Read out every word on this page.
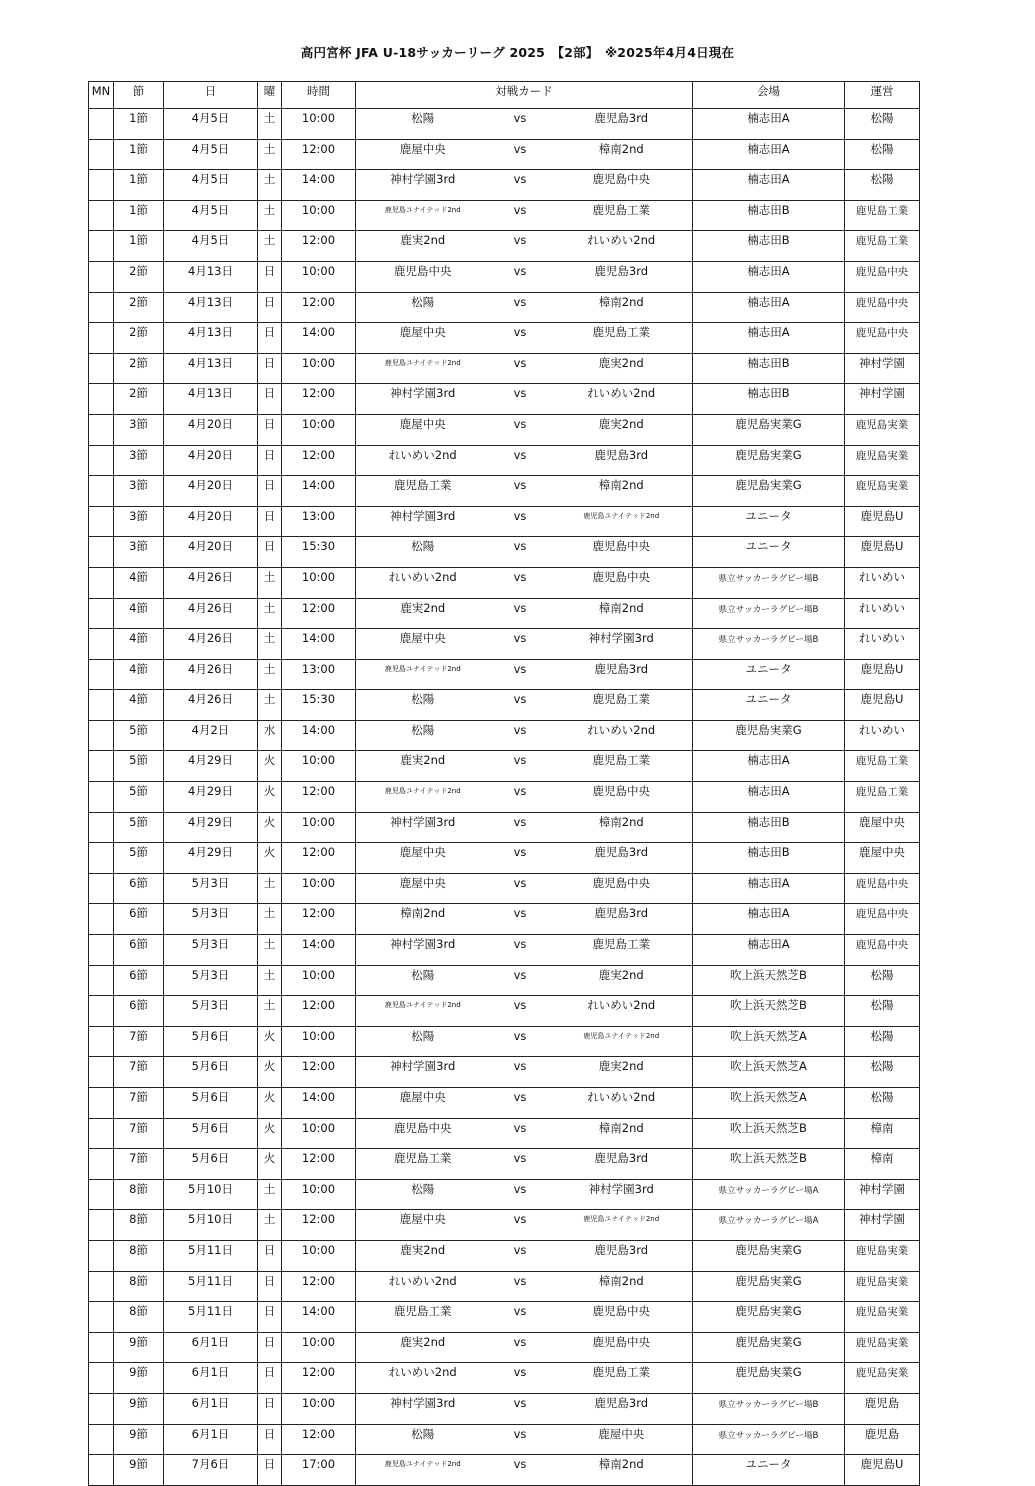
高円宮杯 JFA U-18サッカーリーグ 2025　【2部】　※2025年4月4日現在
MN	節	日	曜	時間	対戦カード			会場	運営
	1節	4月5日	土	10:00	松陽	vs	鹿児島3rd	楠志田A	松陽
	1節	4月5日	土	12:00	鹿屋中央	vs	樟南2nd	楠志田A	松陽
	1節	4月5日	土	14:00	神村学園3rd	vs	鹿児島中央	楠志田A	松陽
	1節	4月5日	土	10:00	鹿児島ユナイテッド2nd	vs	鹿児島工業	楠志田B	鹿児島工業
	1節	4月5日	土	12:00	鹿実2nd	vs	れいめい2nd	楠志田B	鹿児島工業
	2節	4月13日	日	10:00	鹿児島中央	vs	鹿児島3rd	楠志田A	鹿児島中央
	2節	4月13日	日	12:00	松陽	vs	樟南2nd	楠志田A	鹿児島中央
	2節	4月13日	日	14:00	鹿屋中央	vs	鹿児島工業	楠志田A	鹿児島中央
	2節	4月13日	日	10:00	鹿児島ユナイテッド2nd	vs	鹿実2nd	楠志田B	神村学園
	2節	4月13日	日	12:00	神村学園3rd	vs	れいめい2nd	楠志田B	神村学園
	3節	4月20日	日	10:00	鹿屋中央	vs	鹿実2nd	鹿児島実業G	鹿児島実業
	3節	4月20日	日	12:00	れいめい2nd	vs	鹿児島3rd	鹿児島実業G	鹿児島実業
	3節	4月20日	日	14:00	鹿児島工業	vs	樟南2nd	鹿児島実業G	鹿児島実業
	3節	4月20日	日	13:00	神村学園3rd	vs	鹿児島ユナイテッド2nd	ユニータ	鹿児島U
	3節	4月20日	日	15:30	松陽	vs	鹿児島中央	ユニータ	鹿児島U
	4節	4月26日	土	10:00	れいめい2nd	vs	鹿児島中央	県立サッカーラグビー場B	れいめい
	4節	4月26日	土	12:00	鹿実2nd	vs	樟南2nd	県立サッカーラグビー場B	れいめい
	4節	4月26日	土	14:00	鹿屋中央	vs	神村学園3rd	県立サッカーラグビー場B	れいめい
	4節	4月26日	土	13:00	鹿児島ユナイテッド2nd	vs	鹿児島3rd	ユニータ	鹿児島U
	4節	4月26日	土	15:30	松陽	vs	鹿児島工業	ユニータ	鹿児島U
	5節	4月2日	水	14:00	松陽	vs	れいめい2nd	鹿児島実業G	れいめい
	5節	4月29日	火	10:00	鹿実2nd	vs	鹿児島工業	楠志田A	鹿児島工業
	5節	4月29日	火	12:00	鹿児島ユナイテッド2nd	vs	鹿児島中央	楠志田A	鹿児島工業
	5節	4月29日	火	10:00	神村学園3rd	vs	樟南2nd	楠志田B	鹿屋中央
	5節	4月29日	火	12:00	鹿屋中央	vs	鹿児島3rd	楠志田B	鹿屋中央
	6節	5月3日	土	10:00	鹿屋中央	vs	鹿児島中央	楠志田A	鹿児島中央
	6節	5月3日	土	12:00	樟南2nd	vs	鹿児島3rd	楠志田A	鹿児島中央
	6節	5月3日	土	14:00	神村学園3rd	vs	鹿児島工業	楠志田A	鹿児島中央
	6節	5月3日	土	10:00	松陽	vs	鹿実2nd	吹上浜天然芝B	松陽
	6節	5月3日	土	12:00	鹿児島ユナイテッド2nd	vs	れいめい2nd	吹上浜天然芝B	松陽
	7節	5月6日	火	10:00	松陽	vs	鹿児島ユナイテッド2nd	吹上浜天然芝A	松陽
	7節	5月6日	火	12:00	神村学園3rd	vs	鹿実2nd	吹上浜天然芝A	松陽
	7節	5月6日	火	14:00	鹿屋中央	vs	れいめい2nd	吹上浜天然芝A	松陽
	7節	5月6日	火	10:00	鹿児島中央	vs	樟南2nd	吹上浜天然芝B	樟南
	7節	5月6日	火	12:00	鹿児島工業	vs	鹿児島3rd	吹上浜天然芝B	樟南
	8節	5月10日	土	10:00	松陽	vs	神村学園3rd	県立サッカーラグビー場A	神村学園
	8節	5月10日	土	12:00	鹿屋中央	vs	鹿児島ユナイテッド2nd	県立サッカーラグビー場A	神村学園
	8節	5月11日	日	10:00	鹿実2nd	vs	鹿児島3rd	鹿児島実業G	鹿児島実業
	8節	5月11日	日	12:00	れいめい2nd	vs	樟南2nd	鹿児島実業G	鹿児島実業
	8節	5月11日	日	14:00	鹿児島工業	vs	鹿児島中央	鹿児島実業G	鹿児島実業
	9節	6月1日	日	10:00	鹿実2nd	vs	鹿児島中央	鹿児島実業G	鹿児島実業
	9節	6月1日	日	12:00	れいめい2nd	vs	鹿児島工業	鹿児島実業G	鹿児島実業
	9節	6月1日	日	10:00	神村学園3rd	vs	鹿児島3rd	県立サッカーラグビー場B	鹿児島
	9節	6月1日	日	12:00	松陽	vs	鹿屋中央	県立サッカーラグビー場B	鹿児島
	9節	7月6日	日	17:00	鹿児島ユナイテッド2nd	vs	樟南2nd	ユニータ	鹿児島U
